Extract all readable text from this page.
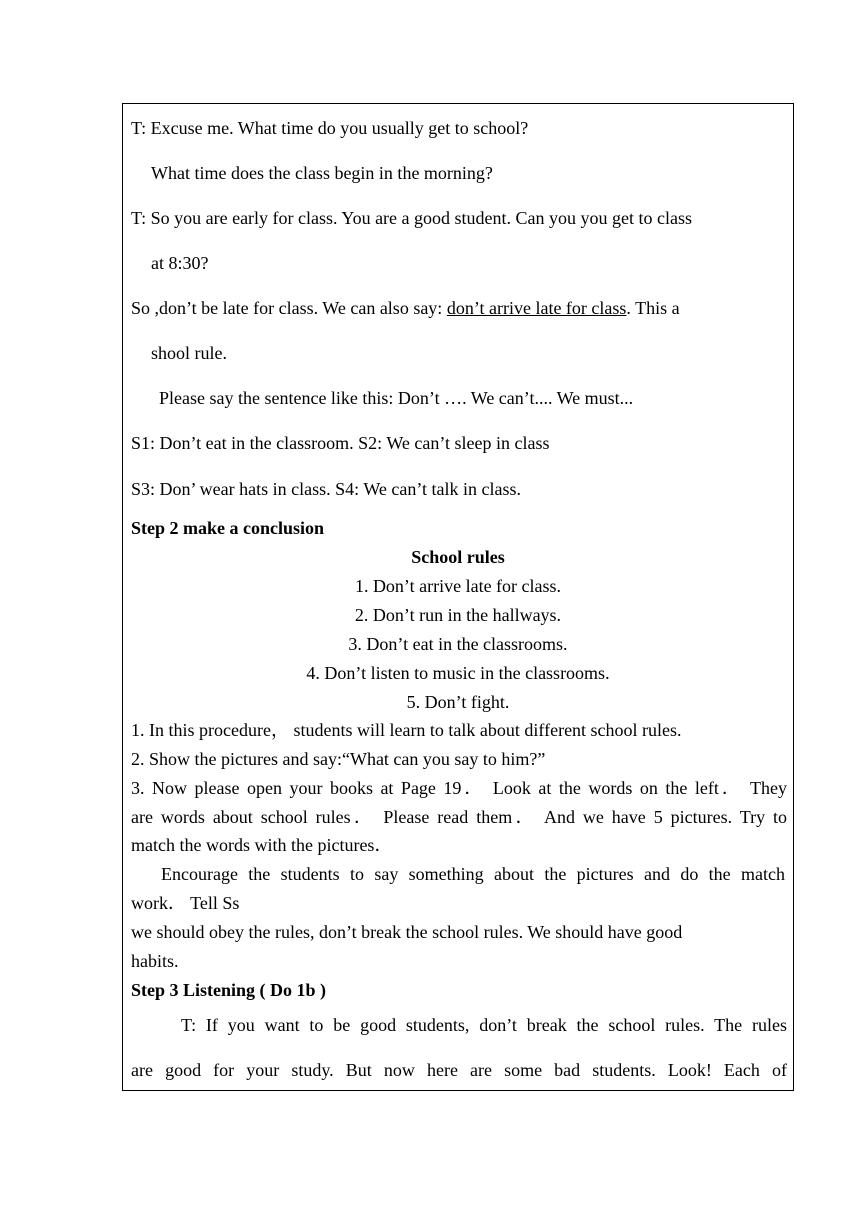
T: Excuse me. What time do you usually get to school?
What time does the class begin in the morning?
T: So you are early for class. You are a good student. Can you you get to class
at 8:30?
So ,don’t be late for class. We can also say: don’t arrive late for class. This a
shool rule.
Please say the sentence like this: Don’t …. We can’t.... We must...
S1: Don’t eat in the classroom. S2: We can’t sleep in class
S3: Don’ wear hats in class. S4: We can’t talk in class.
Step 2 make a conclusion
School rules
1. Don’t arrive late for class.
2. Don’t run in the hallways.
3. Don’t eat in the classrooms.
4. Don’t listen to music in the classrooms.
5. Don’t fight.
1. In this procedure， students will learn to talk about different school rules.
2. Show the pictures and say:“What can you say to him?”
3. Now please open your books at Page 19． Look at the words on the left． They
are words about school rules． Please read them． And we have 5 pictures. Try to
match the words with the pictures．
Encourage the students to say something about the pictures and do the match
work． Tell Ss
we should obey the rules, don’t break the school rules. We should have good
habits.
Step 3 Listening ( Do 1b )
T: If you want to be good students, don’t break the school rules. The rules
are good for your study. But now here are some bad students. Look! Each of
